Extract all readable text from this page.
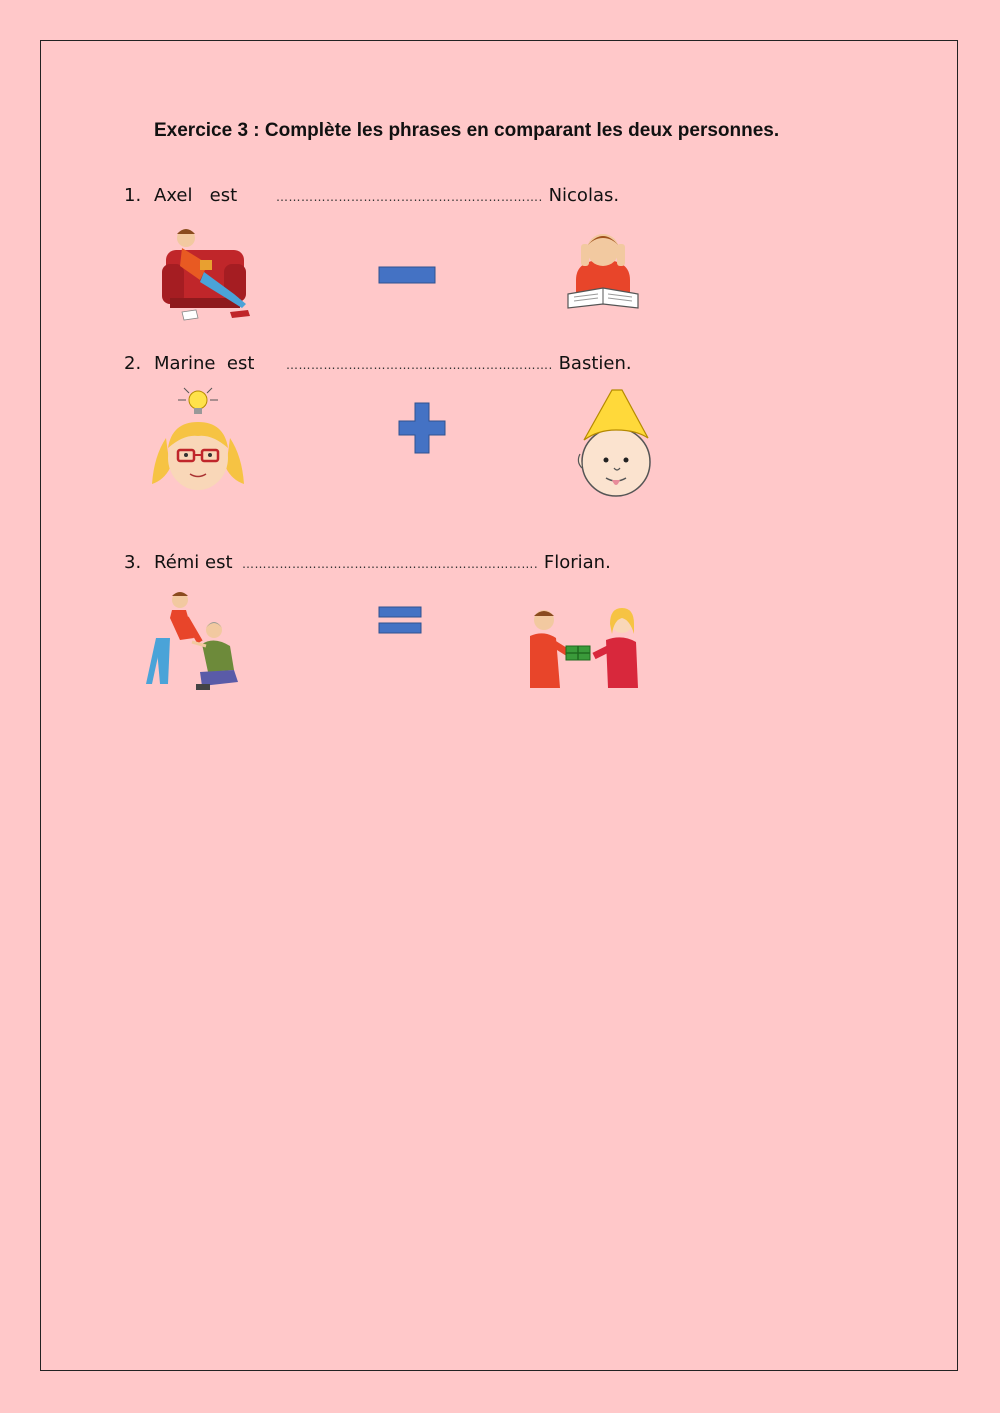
Exercice 3 : Complète les phrases en comparant les deux personnes.
1. Axel   est	………………………………………………………. Nicolas.
2. Marine  est	………………………………………………………. Bastien.
3. Rémi est ………………………………………………….…………. Florian.
